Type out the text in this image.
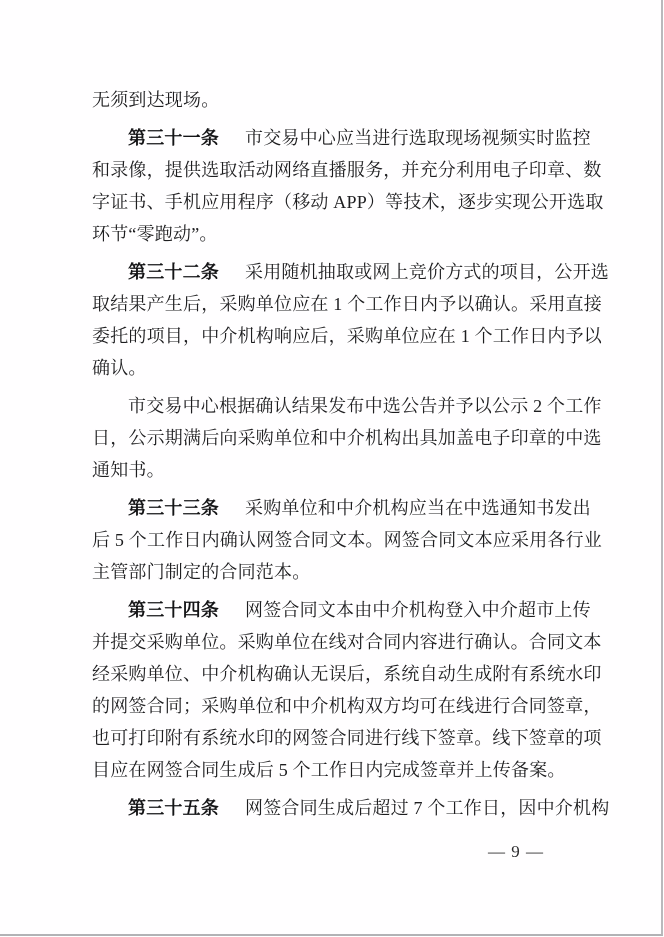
无须到达现场。
第三十一条 市交易中心应当进行选取现场视频实时监控
和录像，提供选取活动网络直播服务，并充分利用电子印章、数
字证书、手机应用程序（移动 APP）等技术，逐步实现公开选取
环节“零跑动”。
第三十二条 采用随机抽取或网上竞价方式的项目，公开选
取结果产生后，采购单位应在 1 个工作日内予以确认。采用直接
委托的项目，中介机构响应后，采购单位应在 1 个工作日内予以
确认。
市交易中心根据确认结果发布中选公告并予以公示 2 个工作
日，公示期满后向采购单位和中介机构出具加盖电子印章的中选
通知书。
第三十三条 采购单位和中介机构应当在中选通知书发出
后 5 个工作日内确认网签合同文本。网签合同文本应采用各行业
主管部门制定的合同范本。
第三十四条 网签合同文本由中介机构登入中介超市上传
并提交采购单位。采购单位在线对合同内容进行确认。合同文本
经采购单位、中介机构确认无误后，系统自动生成附有系统水印
的网签合同；采购单位和中介机构双方均可在线进行合同签章，
也可打印附有系统水印的网签合同进行线下签章。线下签章的项
目应在网签合同生成后 5 个工作日内完成签章并上传备案。
第三十五条 网签合同生成后超过 7 个工作日，因中介机构
— 9 —
